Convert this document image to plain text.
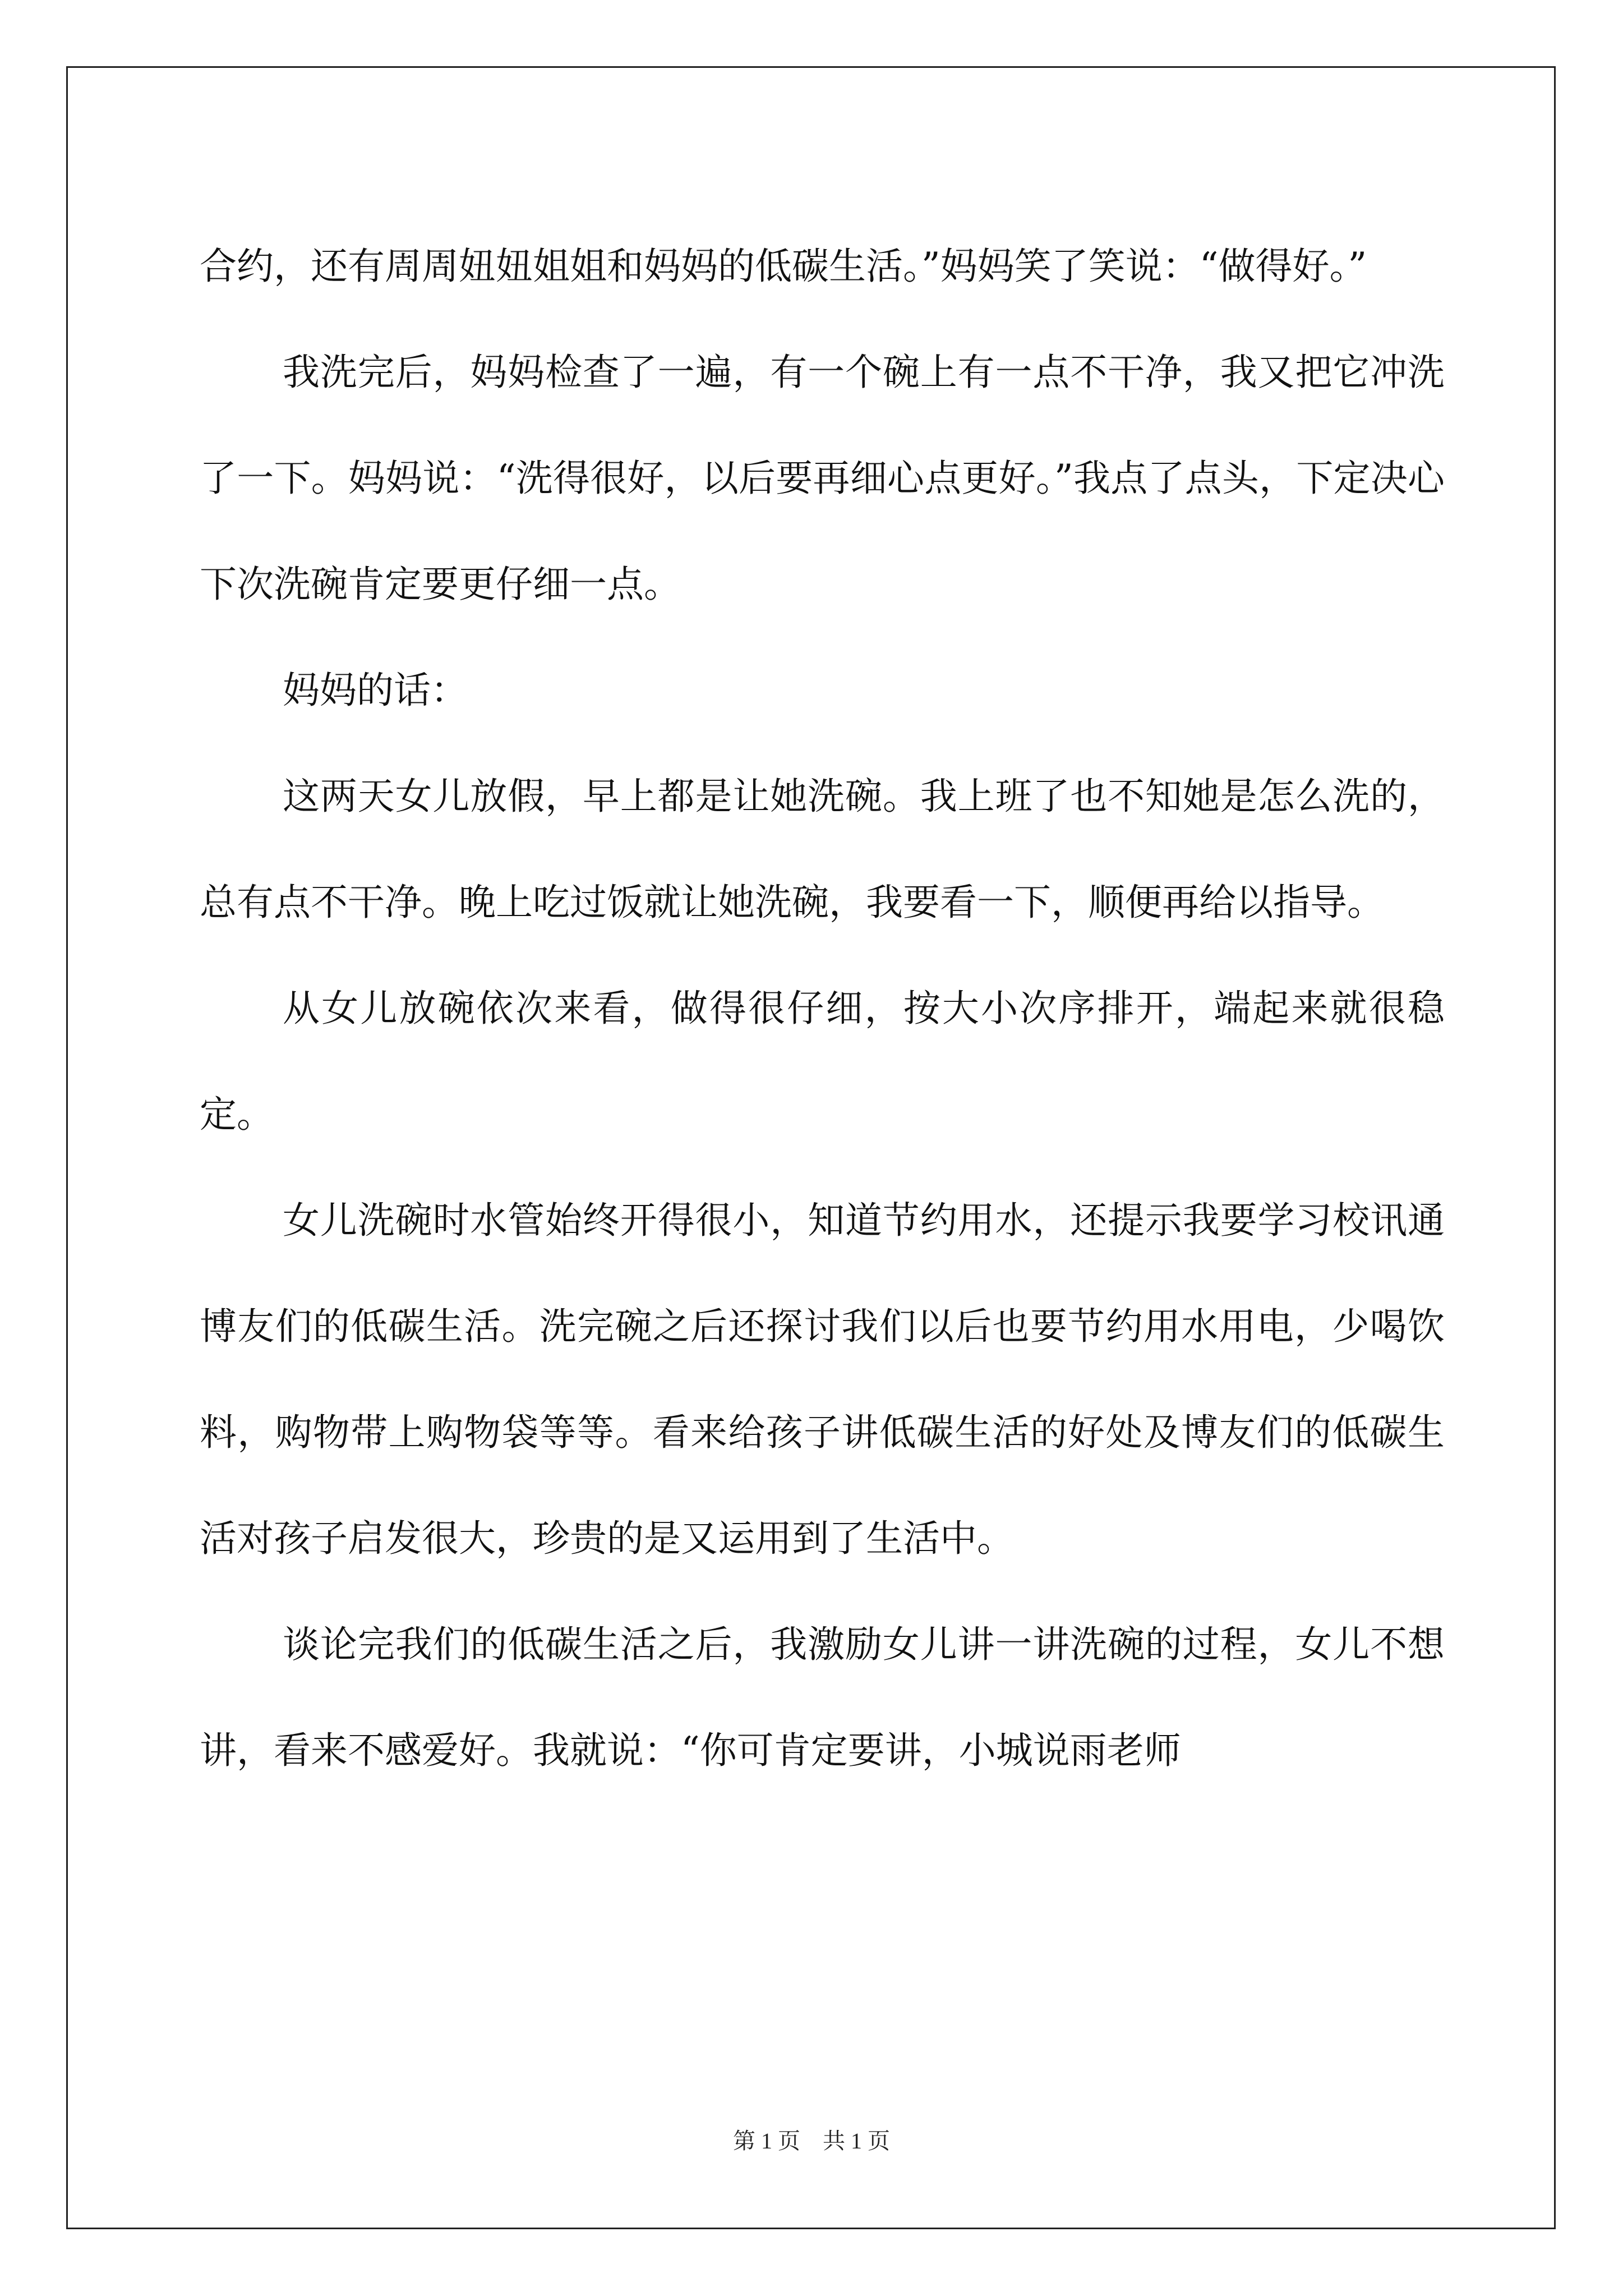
合约，还有周周妞妞姐姐和妈妈的低碳生活。”妈妈笑了笑说：“做得好。”

我洗完后，妈妈检查了一遍，有一个碗上有一点不干净，我又把它冲洗了一下。妈妈说：“洗得很好，以后要再细心点更好。”我点了点头，下定决心下次洗碗肯定要更仔细一点。

妈妈的话：

这两天女儿放假，早上都是让她洗碗。我上班了也不知她是怎么洗的，总有点不干净。晚上吃过饭就让她洗碗，我要看一下，顺便再给以指导。

从女儿放碗依次来看，做得很仔细，按大小次序排开，端起来就很稳定。

女儿洗碗时水管始终开得很小，知道节约用水，还提示我要学习校讯通博友们的低碳生活。洗完碗之后还探讨我们以后也要节约用水用电，少喝饮料，购物带上购物袋等等。看来给孩子讲低碳生活的好处及博友们的低碳生活对孩子启发很大，珍贵的是又运用到了生活中。

谈论完我们的低碳生活之后，我激励女儿讲一讲洗碗的过程，女儿不想讲，看来不感爱好。我就说：“你可肯定要讲，小城说雨老师

第 1 页　共 1 页
